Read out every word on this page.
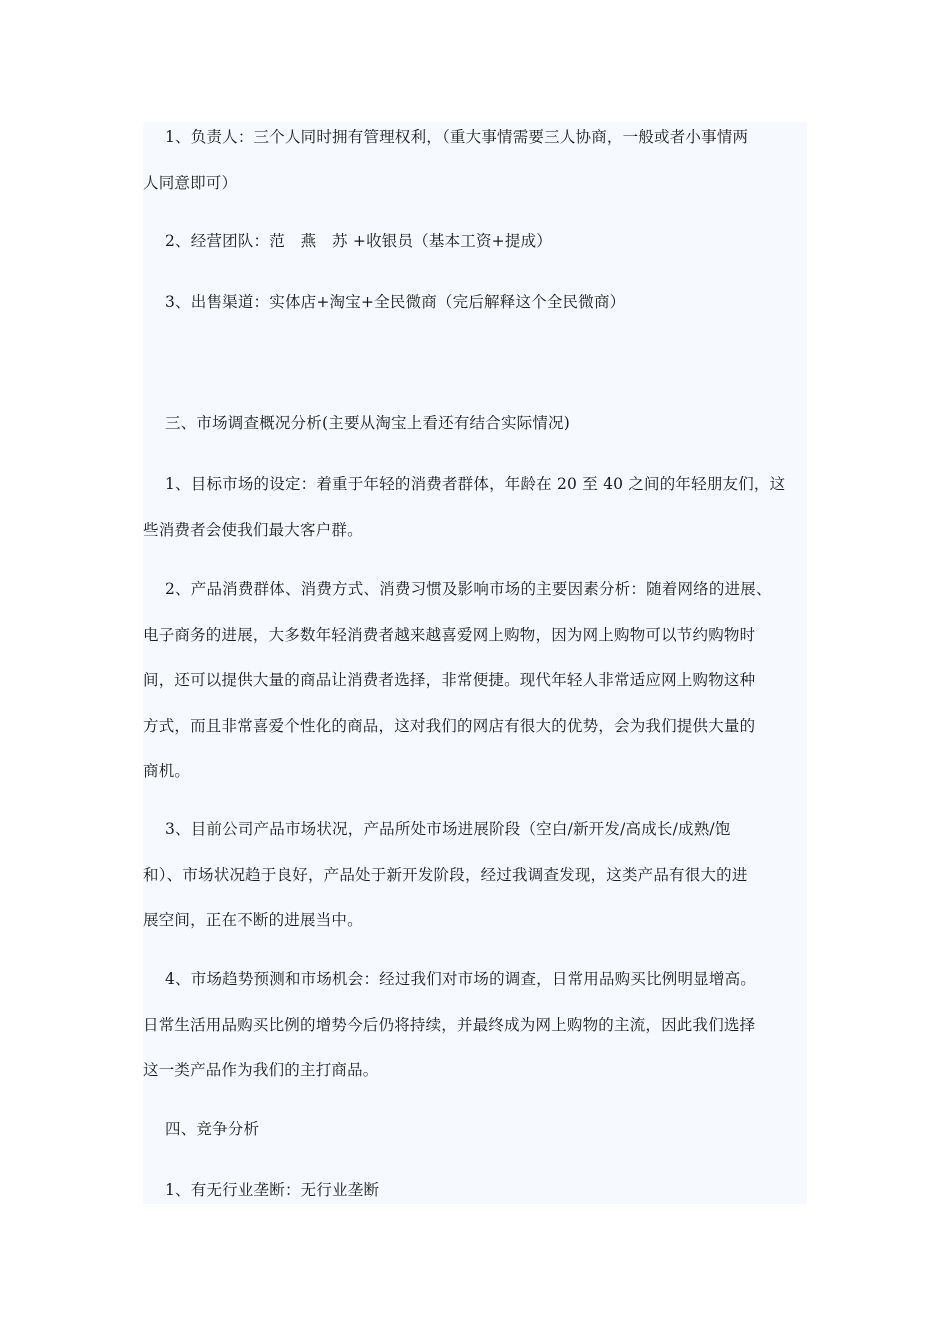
1、负责人：三个人同时拥有管理权利，（重大事情需要三人协商，一般或者小事情两
人同意即可）

2、经营团队：范　燕　苏 +收银员（基本工资+提成）

3、出售渠道：实体店+淘宝+全民微商（完后解释这个全民微商）

三、市场调查概况分析(主要从淘宝上看还有结合实际情况)

1、目标市场的设定：着重于年轻的消费者群体，年龄在 20 至 40 之间的年轻朋友们，这
些消费者会使我们最大客户群。

2、产品消费群体、消费方式、消费习惯及影响市场的主要因素分析：随着网络的进展、
电子商务的进展，大多数年轻消费者越来越喜爱网上购物，因为网上购物可以节约购物时
间，还可以提供大量的商品让消费者选择，非常便捷。现代年轻人非常适应网上购物这种
方式，而且非常喜爱个性化的商品，这对我们的网店有很大的优势，会为我们提供大量的
商机。

3、目前公司产品市场状况，产品所处市场进展阶段（空白/新开发/高成长/成熟/饱
和）、市场状况趋于良好，产品处于新开发阶段，经过我调查发现，这类产品有很大的进
展空间，正在不断的进展当中。

4、市场趋势预测和市场机会：经过我们对市场的调查，日常用品购买比例明显增高。
日常生活用品购买比例的增势今后仍将持续，并最终成为网上购物的主流，因此我们选择
这一类产品作为我们的主打商品。

四、竞争分析

1、有无行业垄断：无行业垄断
